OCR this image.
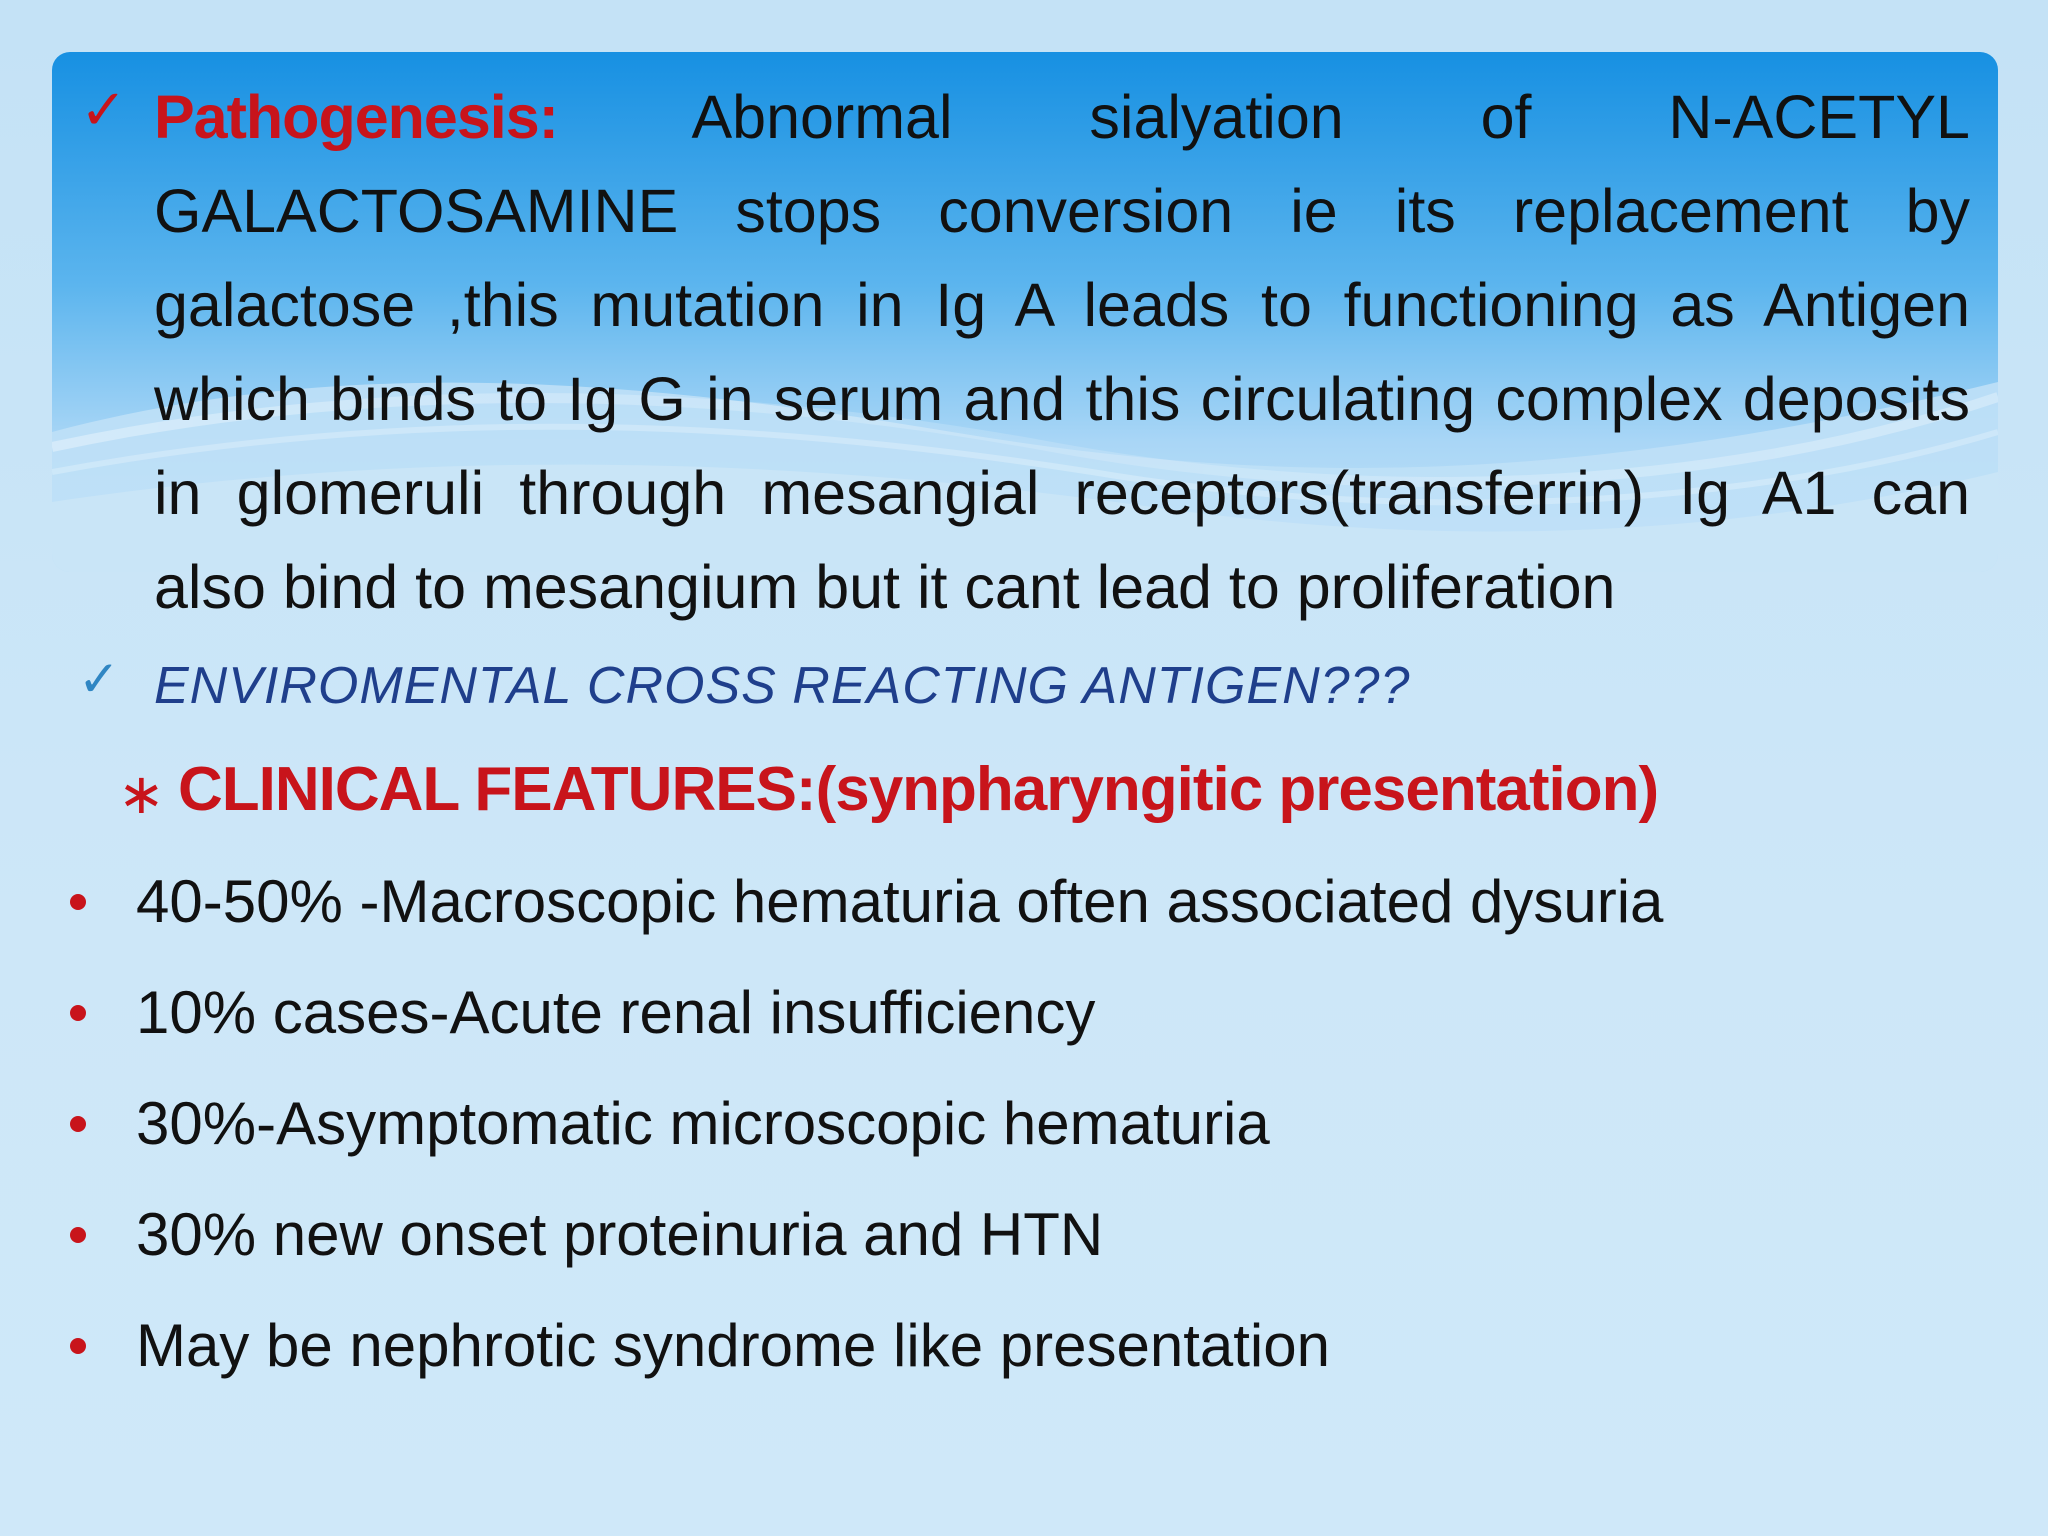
✓ Pathogenesis: Abnormal sialyation of N-ACETYL GALACTOSAMINE stops conversion ie its replacement by galactose ,this mutation in Ig A leads to functioning as Antigen which binds to Ig G in serum and this circulating complex deposits in glomeruli through mesangial receptors(transferrin) Ig A1 can also bind to mesangium but it cant lead to proliferation
✓ ENVIROMENTAL CROSS REACTING ANTIGEN???
∗ CLINICAL FEATURES:(synpharyngitic presentation)
40-50% -Macroscopic hematuria often associated dysuria
10% cases-Acute renal insufficiency
30%-Asymptomatic microscopic hematuria
30% new onset proteinuria and HTN
May be nephrotic syndrome like presentation
